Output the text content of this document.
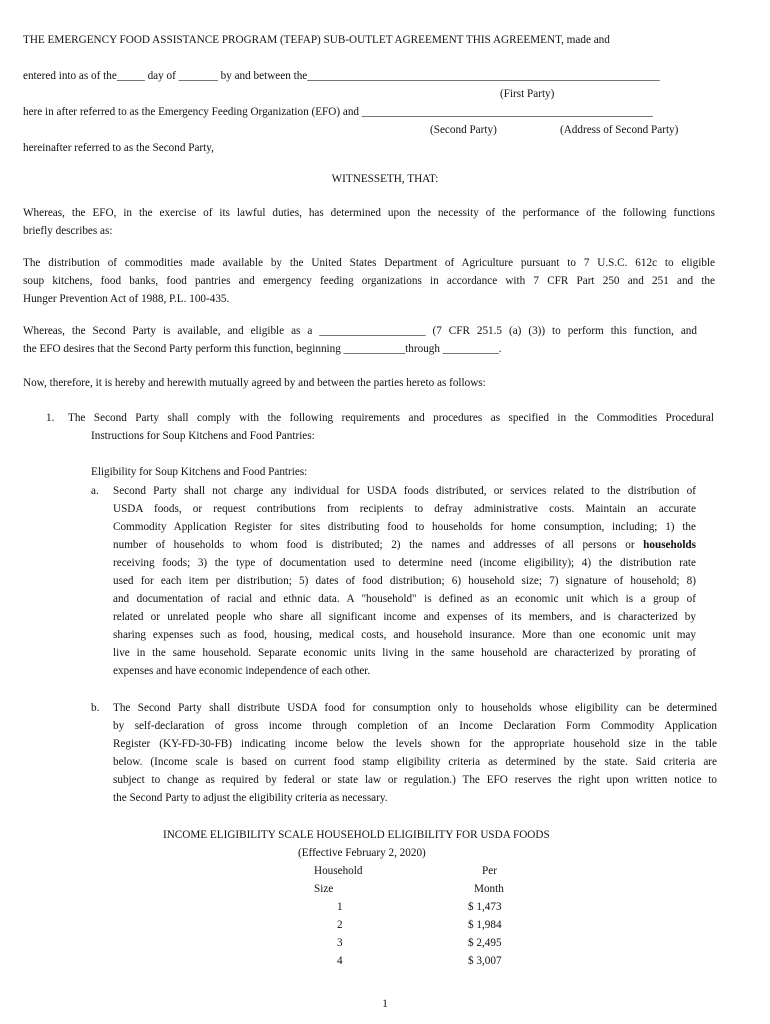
THE EMERGENCY FOOD ASSISTANCE PROGRAM (TEFAP) SUB-OUTLET AGREEMENT THIS AGREEMENT, made and
entered into as of the_____ day of _______ by and between the_______________________________________________________________
(First Party)
here in after referred to as the Emergency Feeding Organization (EFO) and ____________________________________________________
(Second Party)	(Address of Second Party)
hereinafter referred to as the Second Party,
WITNESSETH, THAT:
Whereas, the EFO, in the exercise of its lawful duties, has determined upon the necessity of the performance of the following functions
briefly describes as:
The distribution of commodities made available by the United States Department of Agriculture pursuant to 7 U.S.C. 612c to eligible
soup kitchens, food banks, food pantries and emergency feeding organizations in accordance with 7 CFR Part 250 and 251 and the
Hunger Prevention Act of 1988, P.L. 100-435.
Whereas, the Second Party is available, and eligible as a ___________________ (7 CFR 251.5 (a) (3)) to perform this function, and
the EFO desires that the Second Party perform this function, beginning ___________through __________.
Now, therefore, it is hereby and herewith mutually agreed by and between the parties hereto as follows:
1. The Second Party shall comply with the following requirements and procedures as specified in the Commodities Procedural
Instructions for Soup Kitchens and Food Pantries:
Eligibility for Soup Kitchens and Food Pantries:
a. Second Party shall not charge any individual for USDA foods distributed, or services related to the distribution of
USDA foods, or request contributions from recipients to defray administrative costs. Maintain an accurate
Commodity Application Register for sites distributing food to households for home consumption, including; 1) the
number of households to whom food is distributed; 2) the names and addresses of all persons or households
receiving foods; 3) the type of documentation used to determine need (income eligibility); 4) the distribution rate
used for each item per distribution; 5) dates of food distribution; 6) household size; 7) signature of household; 8)
and documentation of racial and ethnic data. A "household" is defined as an economic unit which is a group of
related or unrelated people who share all significant income and expenses of its members, and is characterized by
sharing expenses such as food, housing, medical costs, and household insurance. More than one economic unit may
live in the same household. Separate economic units living in the same household are characterized by prorating of
expenses and have economic independence of each other.
b. The Second Party shall distribute USDA food for consumption only to households whose eligibility can be determined
by self-declaration of gross income through completion of an Income Declaration Form Commodity Application
Register (KY-FD-30-FB) indicating income below the levels shown for the appropriate household size in the table
below. (Income scale is based on current food stamp eligibility criteria as determined by the state. Said criteria are
subject to change as required by federal or state law or regulation.) The EFO reserves the right upon written notice to
the Second Party to adjust the eligibility criteria as necessary.
INCOME ELIGIBILITY SCALE HOUSEHOLD ELIGIBILITY FOR USDA FOODS
(Effective February 2, 2020)
Household	Per
Size	Month
1	$ 1,473
2	$ 1,984
3	$ 2,495
4	$ 3,007
1
